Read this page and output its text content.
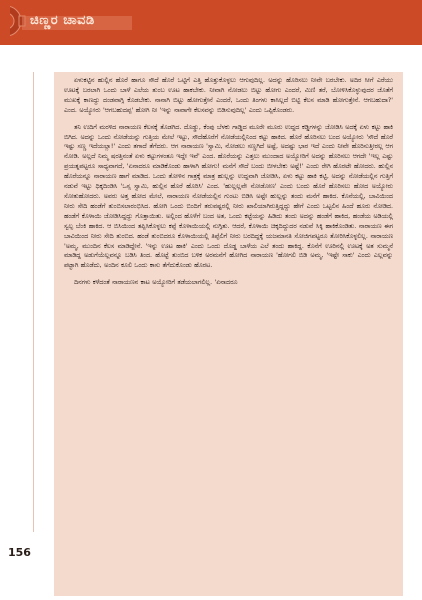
ಚಿಣ್ಣರ ಚಾವಡಿ

ಏಳುಕಟ್ಟಿನ ಹುಲ್ಲಿನ ಹೊರೆ ಹಾಗೂ ಸೌದೆ ಹೊರೆ ಒಟ್ಟಿಗೆ ಎತ್ತಿ ಹೊತ್ತುಕೊಳ್ಳಲು ಆಗುವುದಿಲ್ಲ. ಅದನ್ನು ಹೊರಿಸಲು ನೀವೇ ಬರಬೇಕು. ಅದಿರ ಸೀಗೆ ಎರೆಯು ಊಟಕ್ಕೆ ಬರಲಾಗಿ ಒಂದು ಬಾಳೆ ಎಲೆಯ ತುಂಬ ಊಟ ಹಾಕಬೇಕು. ನೀವಾಗಿ ನೋಡಲು ಬಿಟ್ಟು ಹೋಗು ಎಂದರೆ, ಮಿಣಿ ತರೆ, ಬೋಳಿಸಿಕೊಳ್ಳುವುದರ ಜೊತೆಗೆ ಮುಖಕ್ಕೆ ಕಾಣದ್ದು ದಂಡವಾಗ್ಗಿ ಕೊಡಬೇಕು. ನಾನಾಗಿ ಬಿಟ್ಟು ಹೋಗುತ್ತೇನೆ ಎಂದರೆ, ಒಂದು ತಿಂಗಳು ಕಾಸಿಲ್ಲದೆ ಬಿಟ್ಟಿ ಕೆಲಸ ಮಾಡಿ ಹೋಗುತ್ತೇನೆ. ಆಗಬಹುದಾ?' ಎಂದ. ಅಯ್ಯೋರು 'ಆಗಬಹುದಪ್ಪ' ಹೋಗಿ ನೀ 'ಇನ್ನು ನಾವಾಗೇ ಕೆಲಸವನ್ನು ಬಿಡಿಸುವುದಿಲ್ಲ' ಎಂದು ಒಪ್ಪಿಕೊಂಡರು.

ತನಿ ಉದಿಗೆ ಮರಳಿದ ನಾರಾಯಣ ಕೆಲಸಕ್ಕೆ ತೊಡಗಿದ. ದೊಡ್ಡು, ಕೆಂಪು ಬೆಳಕು ಗಾಡ್ಡಿದ ಮೂರೇ ಮೂರು ಉದ್ದದ ಕಡ್ಡಿಗಳನ್ನು ಜೋಡಿಸಿ ಅದಕ್ಕೆ ಏಳು ಕಟ್ಟು ಹಾಕಿ ಬಿಗಿದ. ಅದನ್ನು ಒಂದು ನೋಡೆಯನ್ನು ಗುತ್ತಿಯ ಮೇಲೆ ಇಟ್ಟು, ಸೌದೆಹೊರೆಗೆ ನೋಡೆಯಲ್ಲಿನಿಂದ ಕಟ್ಟು ಹಾಕಿದ. ಹೊರೆ ಹೊರಿಸಲು ಬಂದ ಅಯ್ಯೋರು 'ಸೌದೆ ಹೊರೆ ಇಷ್ಟು ಸಣ್ಣ ಇದೆಯಲ್ಲಾ!' ಎಂದು ತಗಾದೆ ತೆಗೆದರು. ಆಗ ನಾರಾಯಣ 'ಸ್ವಾಮಿ, ನೋಡಲು ಸಣ್ಣಗಿದೆ ಅಷ್ಟೆ, ಅದಷ್ಟು ಭಾರ ಇದೆ ಎಂದು ನೀವೇ ಹೊರಿಸುತ್ತೀರಲ್ಲ ಆಗ ನೋಡಿ. ಅಲ್ಲದೆ ನಿಮ್ಮ ಷರತ್ತಿನಂತೆ ಏಳು ಕಟ್ಟುಗಳಂತೂ ಇದ್ದೇ ಇವೆ' ಎಂದ. ಹೊರೆಯನ್ನು ಎತ್ತಲು ಮುಂದಾದ ಅಯ್ಯೋರಿಗೆ ಅದನ್ನು ಹೊರಿಸಲು ಆಗದೇ 'ಇಲ್ಲ ಎಷ್ಟು ಪ್ರಯತ್ನಪಟ್ಟರೂ ಸಾಧ್ಯವಾಗದೆ, 'ಏನಾದರೂ ಮಾಡಿಕೊಂಡು ಹಾಳಾಗಿ ಹೋಗು! ಮನೆಗೆ ಸೌದೆ ಬಂದು ಬೀಳಬೇಕು ಅಷ್ಟೆ!' ಎಂದು ರೇಗಿ ಹೊರಟೇ ಹೋದರು. ಹುಲ್ಲಿನ ಹೊರೆಯನ್ನೂ ನಾರಾಯಣ ಹಾಗೆ ಮಾಡಿದ. ಒಂದು ತೋಳಿನ ಗಾತ್ರಕ್ಕೆ ಮಾತ್ರ ಹುಲ್ಲನ್ನು ಉದ್ದವಾಗಿ ಜೋಡಿಸಿ, ಏಳು ಕಟ್ಟು ಹಾಕಿ ಕಟ್ಟಿ, ಅದನ್ನು ನೋಡೆಯಲ್ಲಿನ ಗುತ್ತಿಗೆ ನಡುವೆ ಇಟ್ಟು ಧಿಕ್ಕದಿಂಡಿಸಿ 'ಒಸ್ಸ ಸ್ವಾಮಿ, ಹುಲ್ಲಿನ ಹೊರೆ ಹೊರಿಸಿ' ಎಂದ. 'ಹುಲ್ಲಲ್ಲವೇ ನೋಡೋಣ' ಎಂದು ಬಂದು ಹೊರೆ ಹೊರಿಸಲು ಹೋದ ಅಯ್ಯೋರು ಸೋತುಹೋದರು. ಅವರು ಅತ್ತ ಹೋದ ಮೇಲೆ, ನಾರಾಯಣ ನೋಡೆಯಲ್ಲಿನ ಗುಂಟು ಬಿಡಿಸಿ ಅಷ್ಟೇ ಹುಲ್ಲನ್ನು ತಂದು ಮನೆಗೆ ಹಾಕಿದ. ಕೊನೆಯಲ್ಲಿ, ಬಾವಿಯಿಂದ ನೀರು ಸೇದಿ ಹಂಡೆಗೆ ತುಂಬಿಸಲಾರಂಭಿಸಿದ. ಹೋಗಿ ಒಂದು ಬಿಂದಿಗೆ ತರುವಷ್ಟರಲ್ಲಿ ನೀರು ಖಾಲಿಯಾಗಿರುತ್ತಿದ್ದದ್ದು ಹೇಗೆ ಎಂದು ಒಟ್ಟಲಿನ ಹಿಂದೆ ಹೂರು ನೋಡಿದ. ಹಂಡೆಗೆ ಕೊಳಾಯಿ ಜೋಡಿಸಿದ್ದದ್ದು ಗೊತ್ತಾಯಿತು. ಅಲ್ಲಿಂದ ಹೊಳೆಗೆ ಬಂದ ಅತ, ಒಂದು ಕಟ್ಟೆಯನ್ನು ಹಿಡಿದು ತಂದು ಅದನ್ನು ಹಂಡೆಗೆ ಹಾಕಿದ, ಹಂಡೆಯ ಅಡಿಯಲ್ಲಿ ಸ್ವಲ್ಪ ಬೆಂಕಿ ಹಾಕಿದ. ಆ ಬಿಸಿಯಿಂದ ತಪ್ಪಿಸಿಕೊಳ್ಳಲು ಕಪ್ಪೆ ಕೊಳಾಯಿಯಲ್ಲಿ ನುಗ್ಗಿತು. ಆದರೆ, ಕೊಳಾಯಿ ಚಿಕ್ಕದಿದ್ದುದರ ನಡುವೆ ಸಿಕ್ಕಿ ಹಾಕಿಕೊಂಡಿತು. ನಾರಾಯಣ ಈಗ ಬಾವಿಯಿಂದ ನೀರು ಸೇದಿ ತುಂಬಿದ. ಹಂಡೆ ತುಂಬಿದರೂ ಕೊಳಾಯಿಯಲ್ಲಿ ತಿಪ್ಪೆಲಿಗೆ ನೀರು ಬರದಿದ್ದಕ್ಕೆ ಯಜಮಾನತಿ ಸೋಜಿಗಪಟ್ಟರೂ ತೋರಿಸಿಕೊಳ್ಳಲಿಲ್ಲ. ನಾರಾಯಣ 'ಅಮ್ಮ, ಮುಂದಿನ ಕೆಲಸ ಮಾಡಿದ್ದೇನೆ. 'ಇನ್ನು ಊಟ ಹಾಕಿ' ಎಂದು ಒಂದು ದೊಡ್ಡ ಬಾಳೆಯ ಎಲೆ ತಂದು ಹಾಕಿದ್ದ. ಕೊನೆಗೆ ಊರಿನಲ್ಲಿ ಊಟಕ್ಕೆ ಅತ ಸುಮ್ಮನೆ ಮಾಡಿದ್ದ ಅಡುಗೆಯೆಲ್ಲವನ್ನೂ ಬಡಿಸಿ ತಿಂದ. ಹೊಟ್ಟೆ ತುಂಬಿದ ಬಳಿಕ ಅರಮನೆಗೆ ಹೋಗಿದ ನಾರಾಯಣ 'ಹೋಗಲಿ ಬಿಡಿ ಅಮ್ಮ, 'ಇಷ್ಟೇ ಸಾಕು' ಎಂದು ಎಲ್ಲವನ್ನು ಪಟ್ಟಾಗಿ ಹೊಡೆದು, ಅಂದಿನ ಕೂಲಿ ಒಂದು ಕಾಸು ತೆಗೆದುಕೊಂಡು ಹೊರಟ.

ದಿನಗಳು ಕಳೆದಂತೆ ನಾರಾಯಣನ ಕಾಟ ಅಯ್ಯೋರಿಗೆ ತಡೆಯಲಾಗಲಿಲ್ಲ. 'ಏನಾದರೂ

156
